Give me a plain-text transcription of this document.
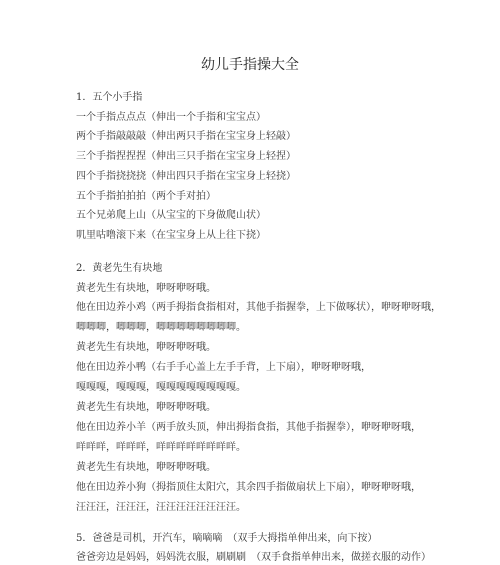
幼儿手指操大全
1．五个小手指
一个手指点点点（伸出一个手指和宝宝点）
两个手指敲敲敲（伸出两只手指在宝宝身上轻敲）
三个手指捏捏捏（伸出三只手指在宝宝身上轻捏）
四个手指挠挠挠（伸出四只手指在宝宝身上轻挠）
五个手指拍拍拍（两个手对拍）
五个兄弟爬上山（从宝宝的下身做爬山状）
叽里咕噜滚下来（在宝宝身上从上往下挠）
2．黄老先生有块地
黄老先生有块地，咿呀咿呀哦。
他在田边养小鸡（两手拇指食指相对，其他手指握拳，上下做啄状），咿呀咿呀哦，
唧唧唧，唧唧唧，唧唧唧唧唧唧唧唧。
黄老先生有块地，咿呀咿呀哦。
他在田边养小鸭（右手手心盖上左手手背，上下扇），咿呀咿呀哦，
嘎嘎嘎，嘎嘎嘎，嘎嘎嘎嘎嘎嘎嘎嘎。
黄老先生有块地，咿呀咿呀哦。
他在田边养小羊（两手放头顶，伸出拇指食指，其他手指握拳），咿呀咿呀哦，
咩咩咩，咩咩咩，咩咩咩咩咩咩咩咩。
黄老先生有块地，咿呀咿呀哦。
他在田边养小狗（拇指顶住太阳穴，其余四手指做扇状上下扇），咿呀咿呀哦，
汪汪汪，汪汪汪，汪汪汪汪汪汪汪汪。
5．爸爸是司机，开汽车，嘀嘀嘀　（双手大拇指单伸出来，向下按）
爸爸旁边是妈妈，妈妈洗衣服，刷刷刷　（双手食指单伸出来，做搓衣服的动作）
